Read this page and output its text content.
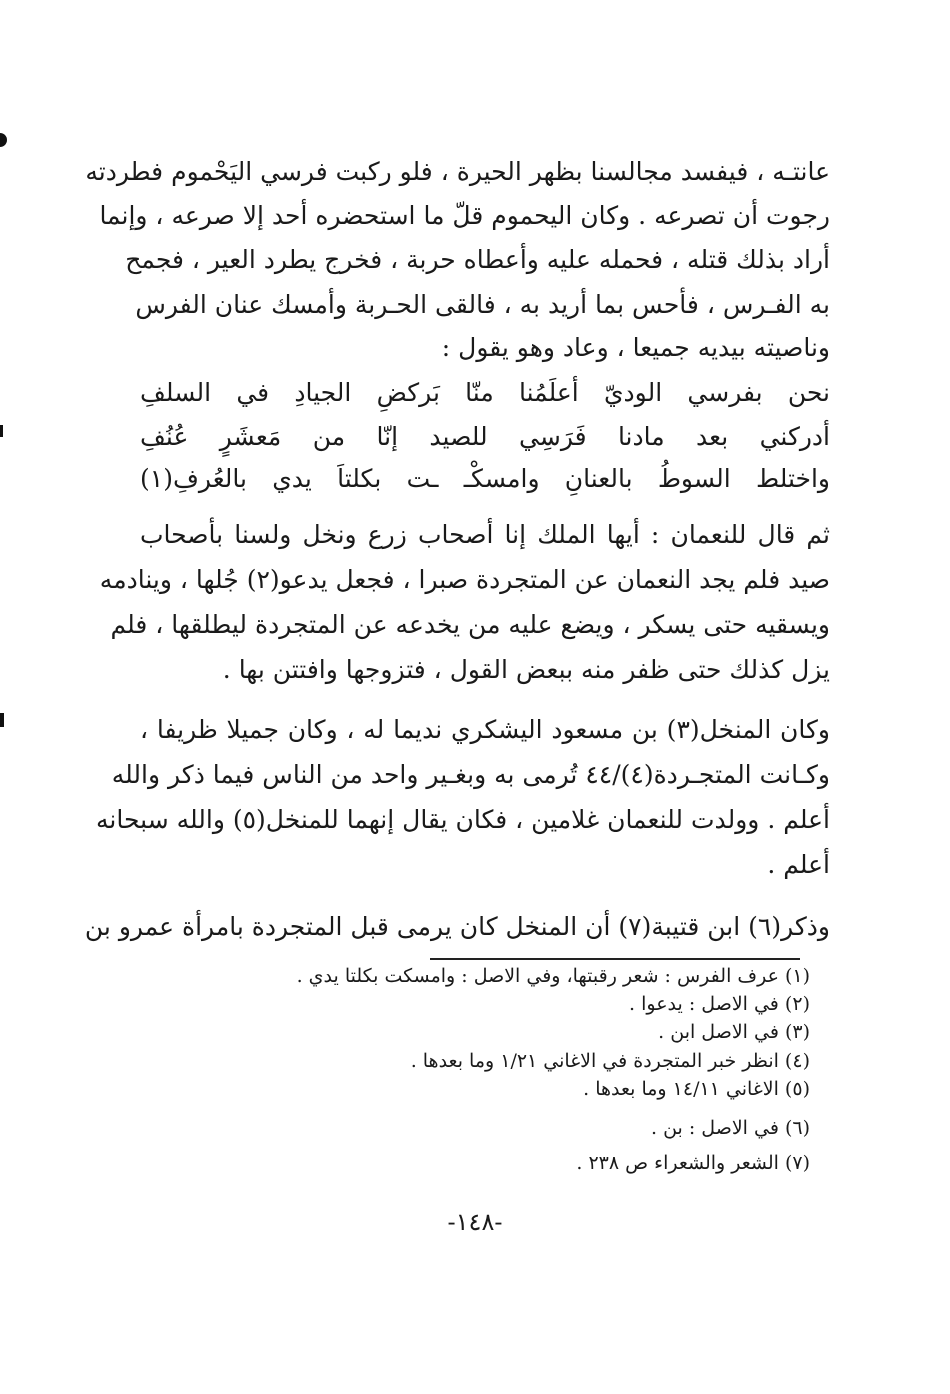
عانتـه ، فيفسد مجالسنا بظهر الحيرة ، فلو ركبت فرسي اليَحْموم فطردته
رجوت أن تصرعه . وكان اليحموم قلّ ما استحضره أحد إلا صرعه ، وإنما
أراد بذلك قتله ، فحمله عليه وأعطاه حربة ، فخرج يطرد العير ، فجمح
به الفـرس ، فأحس بما أريد به ، فالقى الحـربة وأمسك عنان الفرس
وناصيته بيديه جميعا ، وعاد وهو يقول :
نحن
بفرسي
الوديّ
أعلَمُنا
منّا
بَركضِ
الجيادِ
في
السلفِ
أدركني
بعد
مادنا
فَرَسِي
للصيد
إنّا
من
مَعشَرٍ
عُنُفِ
واختلط
السوطُ
بالعنانِ
وامسكْـ
ـت
بكلتاَ
يدي
بالعُرفِ(١)
ثم قال للنعمان : أيها الملك إنا أصحاب زرع ونخل ولسنا بأصحاب
صيد فلم يجد النعمان عن المتجردة صبرا ، فجعل يدعو(٢) جُلها ، وينادمه
ويسقيه حتى يسكر ، ويضع عليه من يخدعه عن المتجردة ليطلقها ، فلم
يزل كذلك حتى ظفر منه ببعض القول ، فتزوجها وافتتن بها .
وكان المنخل(٣) بن مسعود اليشكري نديما له ، وكان جميلا ظريفا ،
وكـانت المتجـردة(٤)/٤٤ تُرمى به وبغـير واحد من الناس فيما ذكر والله
أعلم . وولدت للنعمان غلامين ، فكان يقال إنهما للمنخل(٥) والله سبحانه
أعلم .
وذكر(٦) ابن قتيبة(٧) أن المنخل كان يرمى قبل المتجردة بامرأة عمرو بن
(١) عرف الفرس : شعر رقبتها، وفي الاصل : وامسكت بكلتا يدي .
(٢) في الاصل : يدعوا .
(٣) في الاصل ابن .
(٤) انظر خبر المتجردة في الاغاني ١/٢١ وما بعدها .
(٥) الاغاني ١٤/١١ وما بعدها .
(٦) في الاصل : بن .
(٧) الشعر والشعراء ص ٢٣٨ .
-١٤٨-
